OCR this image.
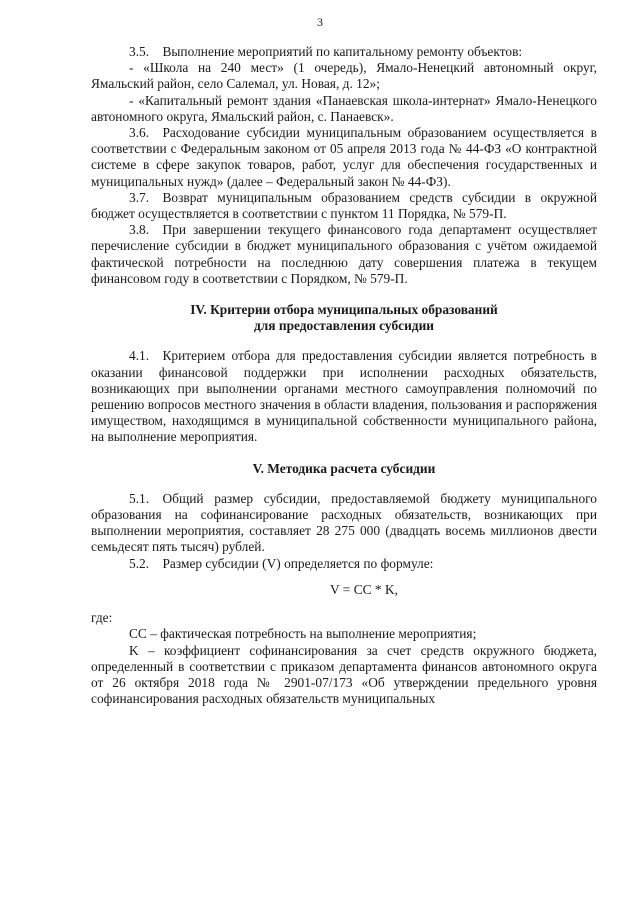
3

3.5. Выполнение мероприятий по капитальному ремонту объектов:

- «Школа на 240 мест» (1 очередь), Ямало-Ненецкий автономный округ, Ямальский район, село Салемал, ул. Новая, д. 12»;

- «Капитальный ремонт здания «Панаевская школа-интернат» Ямало-Ненецкого автономного округа, Ямальский район, с. Панаевск».

3.6. Расходование субсидии муниципальным образованием осуществляется в соответствии с Федеральным законом от 05 апреля 2013 года № 44-ФЗ «О контрактной системе в сфере закупок товаров, работ, услуг для обеспечения государственных и муниципальных нужд» (далее – Федеральный закон № 44-ФЗ).

3.7. Возврат муниципальным образованием средств субсидии в окружной бюджет осуществляется в соответствии с пунктом 11 Порядка, № 579-П.

3.8. При завершении текущего финансового года департамент осуществляет перечисление субсидии в бюджет муниципального образования с учётом ожидаемой фактической потребности на последнюю дату совершения платежа в текущем финансовом году в соответствии с Порядком, № 579-П.

IV. Критерии отбора муниципальных образований

для предоставления субсидии

4.1. Критерием отбора для предоставления субсидии является потребность в оказании финансовой поддержки при исполнении расходных обязательств, возникающих при выполнении органами местного самоуправления полномочий по решению вопросов местного значения в области владения, пользования и распоряжения имуществом, находящимся в муниципальной собственности муниципального района, на выполнение мероприятия.

V. Методика расчета субсидии

5.1. Общий размер субсидии, предоставляемой бюджету муниципального образования на софинансирование расходных обязательств, возникающих при выполнении мероприятия, составляет 28 275 000 (двадцать восемь миллионов двести семьдесят пять тысяч) рублей.

5.2. Размер субсидии (V) определяется по формуле:

V = CC * K,

где:

CC – фактическая потребность на выполнение мероприятия;

K – коэффициент софинансирования за счет средств окружного бюджета, определенный в соответствии с приказом департамента финансов автономного округа от 26 октября 2018 года № 2901-07/173 «Об утверждении предельного уровня софинансирования расходных обязательств муниципальных
